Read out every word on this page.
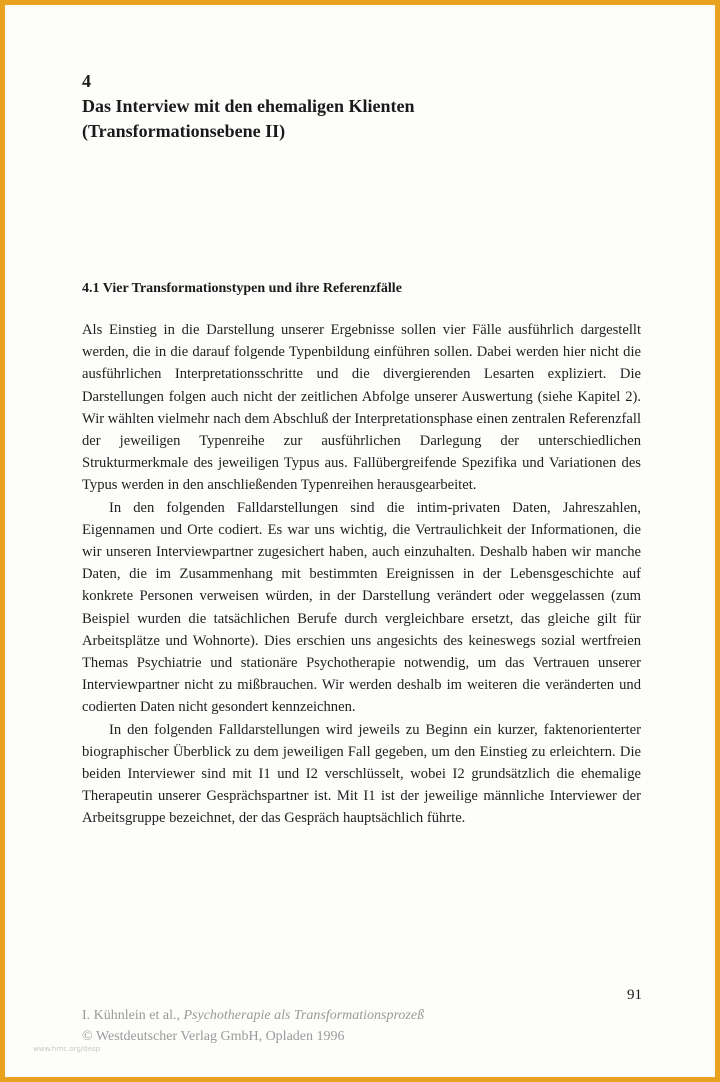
4
Das Interview mit den ehemaligen Klienten
(Transformationsebene II)
4.1 Vier Transformationstypen und ihre Referenzfälle

Als Einstieg in die Darstellung unserer Ergebnisse sollen vier Fälle ausführlich dargestellt werden, die in die darauf folgende Typenbildung einführen sollen. Dabei werden hier nicht die ausführlichen Interpretationsschritte und die divergierenden Lesarten expliziert. Die Darstellungen folgen auch nicht der zeitlichen Abfolge unserer Auswertung (siehe Kapitel 2). Wir wählten vielmehr nach dem Abschluß der Interpretationsphase einen zentralen Referenzfall der jeweiligen Typenreihe zur ausführlichen Darlegung der unterschiedlichen Strukturmerkmale des jeweiligen Typus aus. Fallübergreifende Spezifika und Variationen des Typus werden in den anschließenden Typenreihen herausgearbeitet.

In den folgenden Falldarstellungen sind die intim-privaten Daten, Jahreszahlen, Eigennamen und Orte codiert. Es war uns wichtig, die Vertraulichkeit der Informationen, die wir unseren Interviewpartner zugesichert haben, auch einzuhalten. Deshalb haben wir manche Daten, die im Zusammenhang mit bestimmten Ereignissen in der Lebensgeschichte auf konkrete Personen verweisen würden, in der Darstellung verändert oder weggelassen (zum Beispiel wurden die tatsächlichen Berufe durch vergleichbare ersetzt, das gleiche gilt für Arbeitsplätze und Wohnorte). Dies erschien uns angesichts des keineswegs sozial wertfreien Themas Psychiatrie und stationäre Psychotherapie notwendig, um das Vertrauen unserer Interviewpartner nicht zu mißbrauchen. Wir werden deshalb im weiteren die veränderten und codierten Daten nicht gesondert kennzeichnen.

In den folgenden Falldarstellungen wird jeweils zu Beginn ein kurzer, faktenorienterter biographischer Überblick zu dem jeweiligen Fall gegeben, um den Einstieg zu erleichtern. Die beiden Interviewer sind mit I1 und I2 verschlüsselt, wobei I2 grundsätzlich die ehemalige Therapeutin unserer Gesprächspartner ist. Mit I1 ist der jeweilige männliche Interviewer der Arbeitsgruppe bezeichnet, der das Gespräch hauptsächlich führte.

91
I. Kühnlein et al., Psychotherapie als Transformationsprozeß
© Westdeutscher Verlag GmbH, Opladen 1996
www.hrnc.org/desp
